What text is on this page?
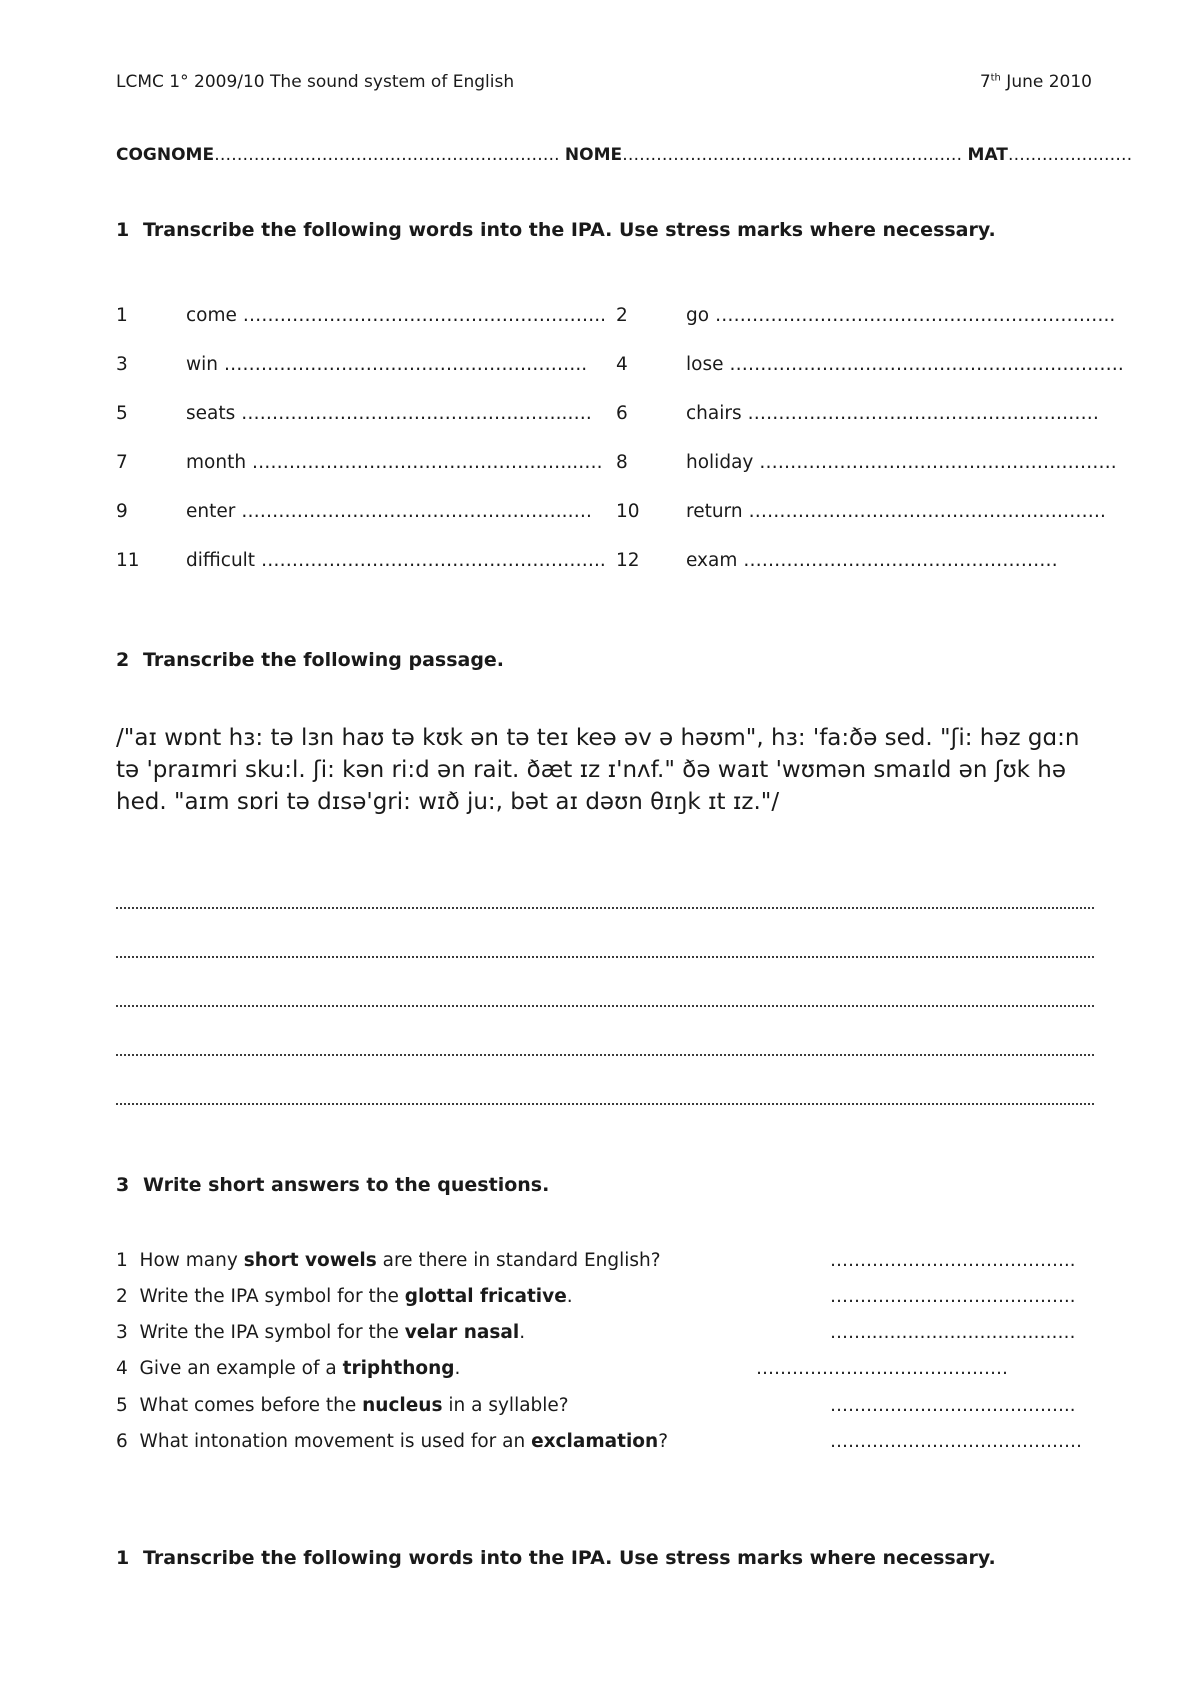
LCMC 1° 2009/10 The sound system of English	7th June 2010
COGNOME……………………………………………………. NOME…………………………………………………… MAT…………….……
1 Transcribe the following words into the IPA. Use stress marks where necessary.
1	come ………………………………………………….. 2	go ………………………………………………………..
3	win ………………………………………………….. 4	lose ……………………………………………………….
5	seats ……………………………………………..…. 6	chairs …………………………………………………
7	month ……………………………………………..…. 8	holiday ………………………………………………….
9	enter ……………………………………………..…. 10	return ………………………………………………….
11	difficult ……………………………………………….. 12	exam ……………………………………………
2 Transcribe the following passage.
/"aɪ wɒnt hɜ: tə lɜn haʊ tə kʊk ən tə teɪ keə əv ə həʊm", hɜ: 'fa:ðə sed. "ʃi: həz gɑ:n tə 'praɪmri sku:l. ʃi: kən ri:d ən rait. ðæt ɪz ɪ'nʌf." ðə waɪt 'wʊmən smaɪld ən ʃʊk hə hed. "aɪm sɒri tə dɪsə'gri: wɪð ju:, bət aɪ dəʊn θɪŋk ɪt ɪz."/
3 Write short answers to the questions.
1 How many short vowels are there in standard English?	…………………………………..
2 Write the IPA symbol for the glottal fricative.	…………………………………..
3 Write the IPA symbol for the velar nasal.	……..……………………………
4 Give an example of a triphthong.	……………………………………
5 What comes before the nucleus in a syllable?	…………………………………..
6 What intonation movement is used for an exclamation?	……………………………………
1 Transcribe the following words into the IPA. Use stress marks where necessary.
